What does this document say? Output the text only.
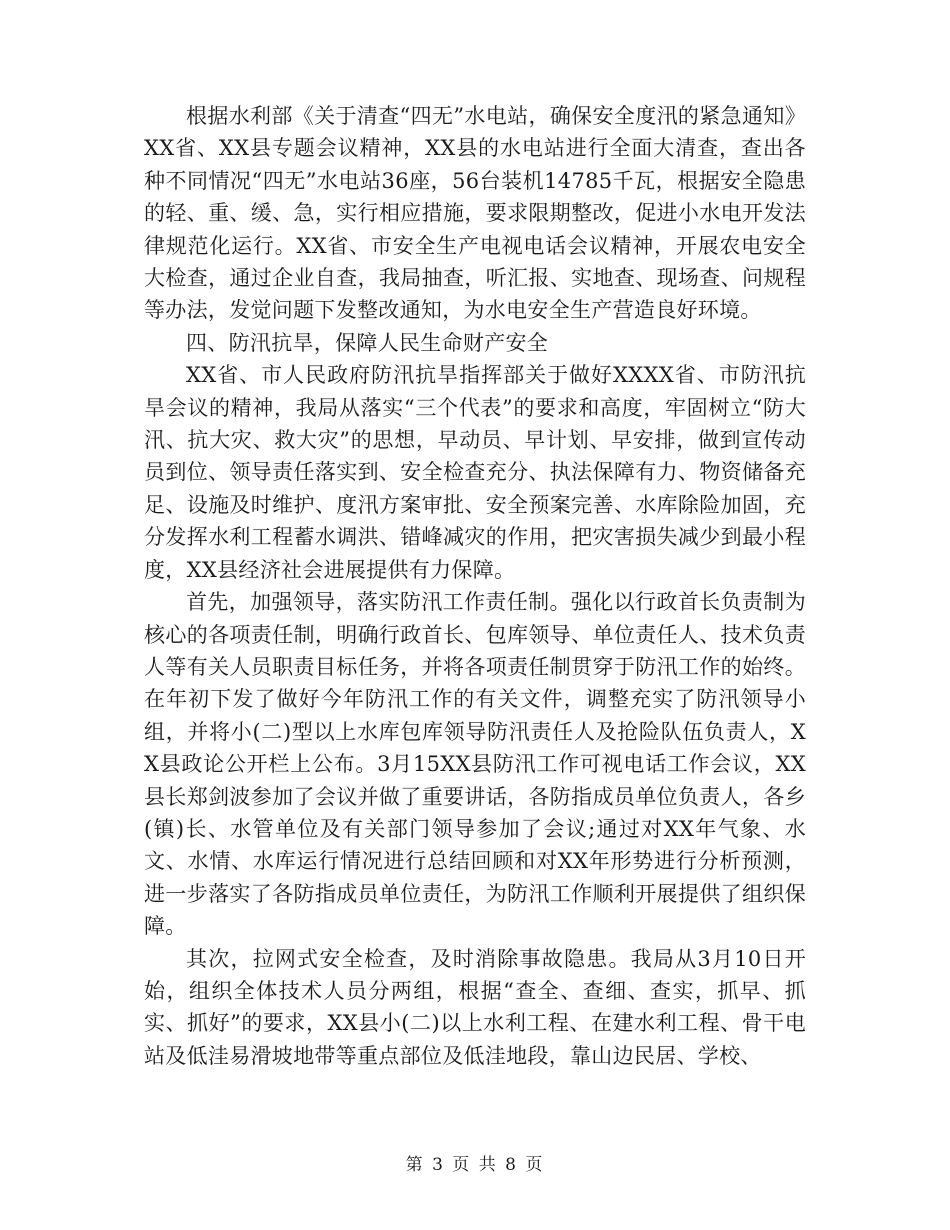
根据水利部《关于清查“四无”水电站，确保安全度汛的紧急通知》XX省、XX县专题会议精神，XX县的水电站进行全面大清查，查出各种不同情况“四无”水电站36座，56台装机14785千瓦，根据安全隐患的轻、重、缓、急，实行相应措施，要求限期整改，促进小水电开发法律规范化运行。XX省、市安全生产电视电话会议精神，开展农电安全大检查，通过企业自查，我局抽查，听汇报、实地查、现场查、问规程等办法，发觉问题下发整改通知，为水电安全生产营造良好环境。

四、防汛抗旱，保障人民生命财产安全

XX省、市人民政府防汛抗旱指挥部关于做好XXXX省、市防汛抗旱会议的精神，我局从落实“三个代表”的要求和高度，牢固树立“防大汛、抗大灾、救大灾”的思想，早动员、早计划、早安排，做到宣传动员到位、领导责任落实到、安全检查充分、执法保障有力、物资储备充足、设施及时维护、度汛方案审批、安全预案完善、水库除险加固，充分发挥水利工程蓄水调洪、错峰减灾的作用，把灾害损失减少到最小程度，XX县经济社会进展提供有力保障。

首先，加强领导，落实防汛工作责任制。强化以行政首长负责制为核心的各项责任制，明确行政首长、包库领导、单位责任人、技术负责人等有关人员职责目标任务，并将各项责任制贯穿于防汛工作的始终。在年初下发了做好今年防汛工作的有关文件，调整充实了防汛领导小组，并将小(二)型以上水库包库领导防汛责任人及抢险队伍负责人，XX县政论公开栏上公布。3月15XX县防汛工作可视电话工作会议，XX县长郑剑波参加了会议并做了重要讲话，各防指成员单位负责人，各乡(镇)长、水管单位及有关部门领导参加了会议;通过对XX年气象、水文、水情、水库运行情况进行总结回顾和对XX年形势进行分析预测，进一步落实了各防指成员单位责任，为防汛工作顺利开展提供了组织保障。

其次，拉网式安全检查，及时消除事故隐患。我局从3月10日开始，组织全体技术人员分两组，根据“查全、查细、查实，抓早、抓实、抓好”的要求，XX县小(二)以上水利工程、在建水利工程、骨干电站及低洼易滑坡地带等重点部位及低洼地段，靠山边民居、学校、

第 3 页 共 8 页
